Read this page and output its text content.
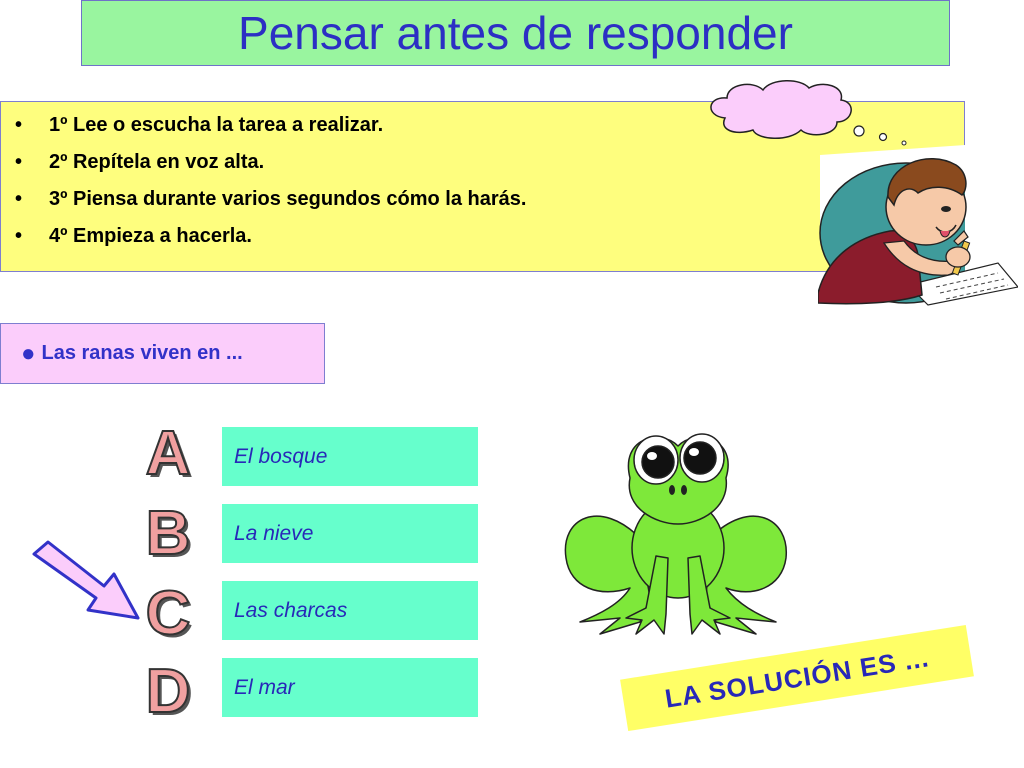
Pensar antes de responder
•	1º Lee o escucha la tarea a realizar.
•	2º Repítela en voz alta.
•	3º Piensa durante varios segundos cómo la harás.
•	4º Empieza a hacerla.
● Las ranas viven en ...
A
B
C
D
El bosque
La nieve
Las charcas
El mar	LA SOLUCIÓN ES ...
